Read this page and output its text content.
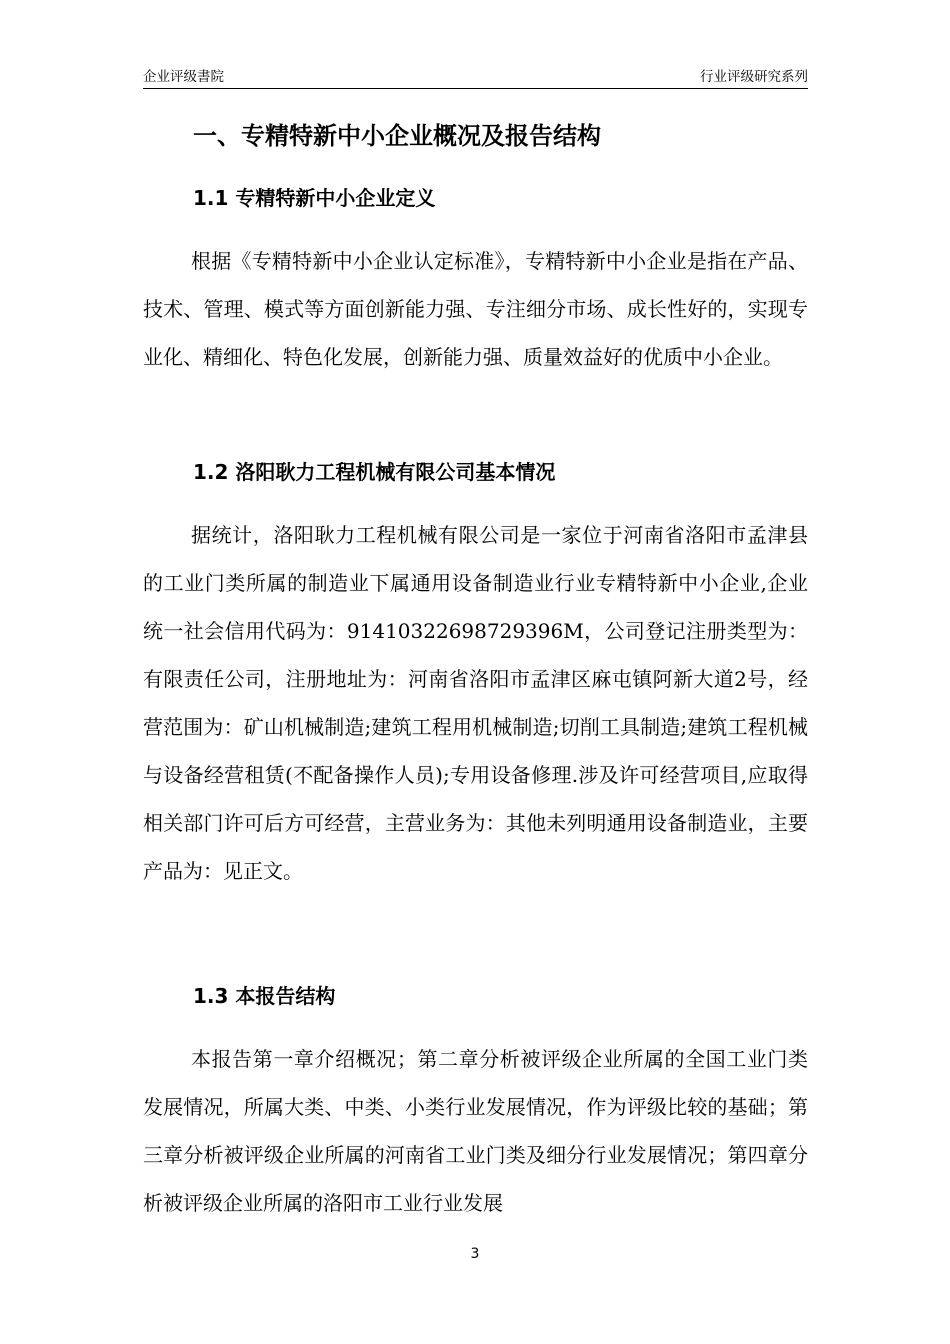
企业评级書院	行业评级研究系列
一、专精特新中小企业概况及报告结构
1.1 专精特新中小企业定义

根据《专精特新中小企业认定标准》，专精特新中小企业是指在产品、技术、管理、模式等方面创新能力强、专注细分市场、成长性好的，实现专业化、精细化、特色化发展，创新能力强、质量效益好的优质中小企业。

1.2 洛阳耿力工程机械有限公司基本情况

据统计，洛阳耿力工程机械有限公司是一家位于河南省洛阳市孟津县的工业门类所属的制造业下属通用设备制造业行业专精特新中小企业,企业统一社会信用代码为：91410322698729396M，公司登记注册类型为：有限责任公司，注册地址为：河南省洛阳市孟津区麻屯镇阿新大道2号，经营范围为：矿山机械制造;建筑工程用机械制造;切削工具制造;建筑工程机械与设备经营租赁(不配备操作人员);专用设备修理.涉及许可经营项目,应取得相关部门许可后方可经营，主营业务为：其他未列明通用设备制造业，主要产品为：见正文。

1.3 本报告结构

本报告第一章介绍概况；第二章分析被评级企业所属的全国工业门类发展情况，所属大类、中类、小类行业发展情况，作为评级比较的基础；第三章分析被评级企业所属的河南省工业门类及细分行业发展情况；第四章分析被评级企业所属的洛阳市工业行业发展

3
